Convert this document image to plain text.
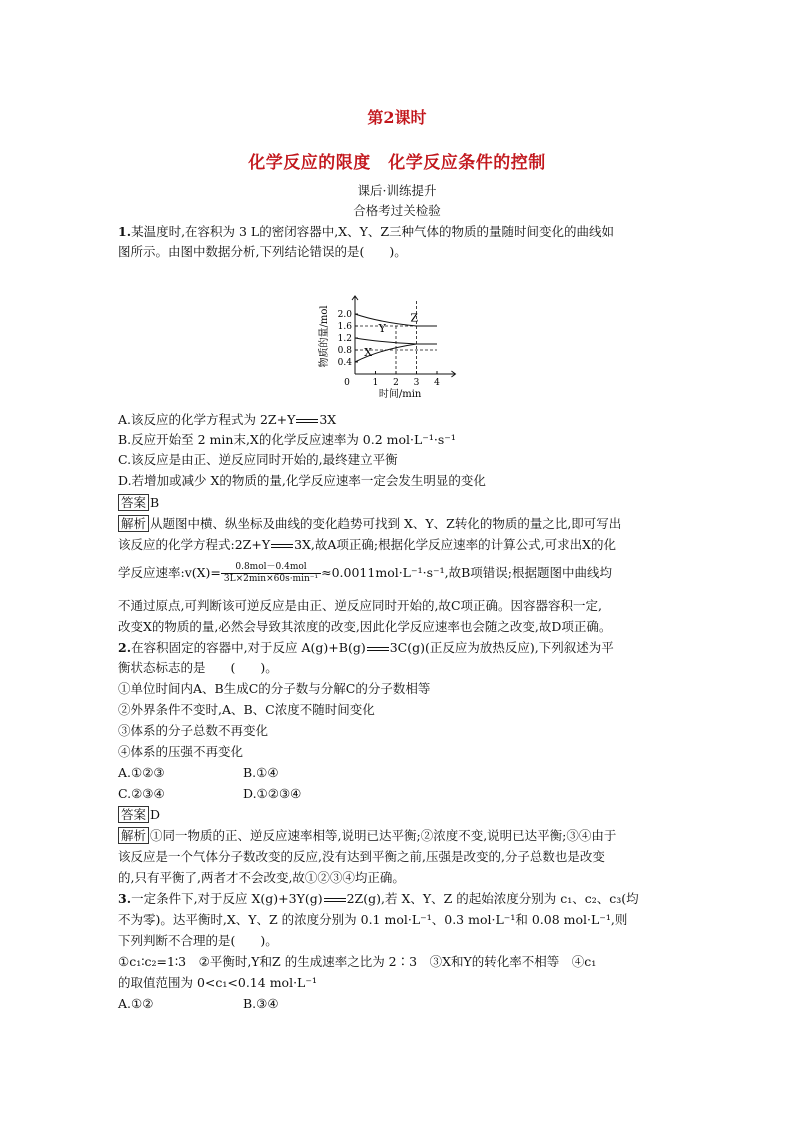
第2课时
化学反应的限度　化学反应条件的控制
课后·训练提升
合格考过关检验
1.某温度时,在容积为 3 L的密闭容器中,X、Y、Z三种气体的物质的量随时间变化的曲线如
图所示。由图中数据分析,下列结论错误的是(　　)。
0	1 2 3 4
0.4
0.8
1.2
1.6
2.0	Z
Y
X
时间/min
物质的量/mol
A.该反应的化学方程式为 2Z+Y 3X
B.反应开始至 2 min末,X的化学反应速率为 0.2 mol·L⁻¹·s⁻¹
C.该反应是由正、逆反应同时开始的,最终建立平衡
D.若增加或减少 X的物质的量,化学反应速率一定会发生明显的变化
答案 B
解析 从题图中横、纵坐标及曲线的变化趋势可找到 X、Y、Z转化的物质的量之比,即可写出
该反应的化学方程式:2Z+Y 3X,故A项正确;根据化学反应速率的计算公式,可求出X的化
学反应速率:v(X)= $\frac{\text{0.8mol－0.4mol}}{\text{3L×2min×60s·min⁻¹}} \approx 0.0011mol\cdot L^{-1}\cdot s^{-1}$,故B项错误;根据题图中曲线均
不通过原点,可判断该可逆反应是由正、逆反应同时开始的,故C项正确。因容器容积一定,
改变X的物质的量,必然会导致其浓度的改变,因此化学反应速率也会随之改变,故D项正确。
2.在容积固定的容器中,对于反应 A(g)+B(g) 3C(g)(正反应为放热反应),下列叙述为平
衡状态标志的是　　(　　)。
①单位时间内A、B生成C的分子数与分解C的分子数相等
②外界条件不变时,A、B、C浓度不随时间变化
③体系的分子总数不再变化
④体系的压强不再变化
A.①②③	B.①④
C.②③④	D.①②③④
答案 D
解析 ①同一物质的正、逆反应速率相等,说明已达平衡;②浓度不变,说明已达平衡;③④由于
该反应是一个气体分子数改变的反应,没有达到平衡之前,压强是改变的,分子总数也是改变
的,只有平衡了,两者才不会改变,故①②③④均正确。
3.一定条件下,对于反应 X(g)+3Y(g) 2Z(g),若 X、Y、Z 的起始浓度分别为 c₁、c₂、c₃(均
不为零)。达平衡时,X、Y、Z 的浓度分别为 0.1 mol·L⁻¹、0.3 mol·L⁻¹和 0.08 mol·L⁻¹,则
下列判断不合理的是(　　)。
①c₁∶c₂=1∶3　②平衡时,Y和Z 的生成速率之比为 2∶3　③X和Y的转化率不相等　④c₁
的取值范围为 0<c₁<0.14 mol·L⁻¹
A.①②	B.③④
